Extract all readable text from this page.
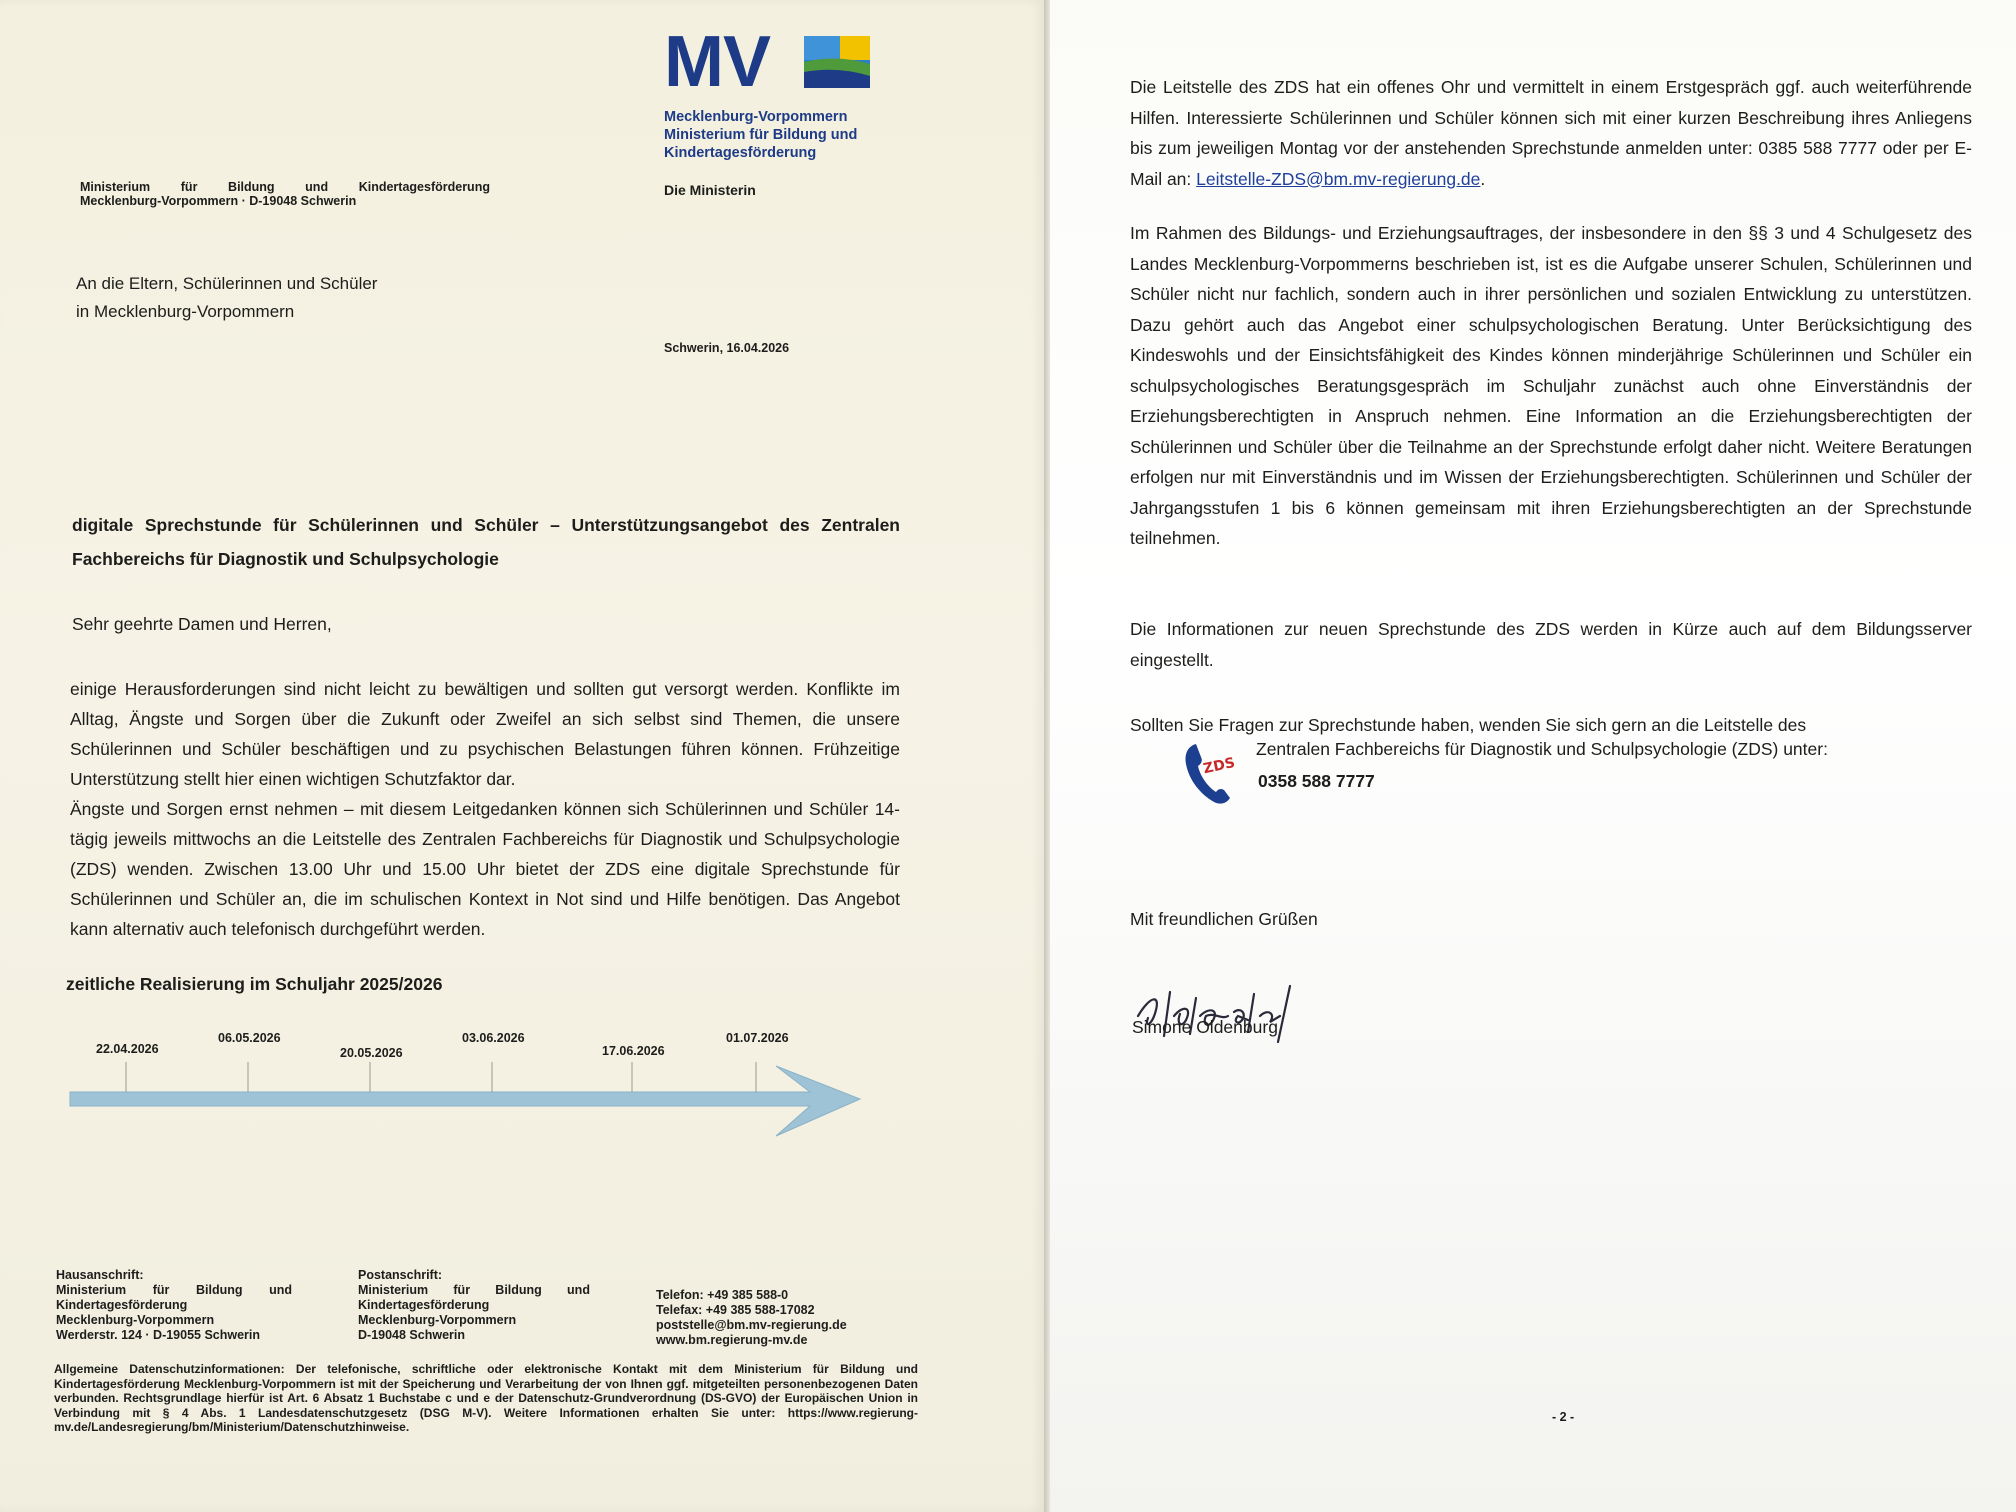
MV
Mecklenburg-Vorpommern
Ministerium für Bildung und
Kindertagesförderung
Ministerium für Bildung und Kindertagesförderung
Mecklenburg-Vorpommern · D-19048 Schwerin
Die Ministerin
An die Eltern, Schülerinnen und Schüler
in Mecklenburg-Vorpommern
Schwerin, 16.04.2026
digitale Sprechstunde für Schülerinnen und Schüler – Unterstützungsangebot des Zentralen Fachbereichs für Diagnostik und Schulpsychologie
Sehr geehrte Damen und Herren,

einige Herausforderungen sind nicht leicht zu bewältigen und sollten gut versorgt werden. Konflikte im Alltag, Ängste und Sorgen über die Zukunft oder Zweifel an sich selbst sind Themen, die unsere Schülerinnen und Schüler beschäftigen und zu psychischen Belastungen führen können. Frühzeitige Unterstützung stellt hier einen wichtigen Schutzfaktor dar.

Ängste und Sorgen ernst nehmen – mit diesem Leitgedanken können sich Schülerinnen und Schüler 14-tägig jeweils mittwochs an die Leitstelle des Zentralen Fachbereichs für Diagnostik und Schulpsychologie (ZDS) wenden. Zwischen 13.00 Uhr und 15.00 Uhr bietet der ZDS eine digitale Sprechstunde für Schülerinnen und Schüler an, die im schulischen Kontext in Not sind und Hilfe benötigen. Das Angebot kann alternativ auch telefonisch durchgeführt werden.

zeitliche Realisierung im Schuljahr 2025/2026
22.04.2026
06.05.2026
20.05.2026
03.06.2026
17.06.2026
01.07.2026
Hausanschrift:
Ministerium für Bildung und
Kindertagesförderung
Mecklenburg-Vorpommern
Werderstr. 124 · D-19055 Schwerin
Postanschrift:
Ministerium für Bildung und
Kindertagesförderung
Mecklenburg-Vorpommern
D-19048 Schwerin
Telefon: +49 385 588-0
Telefax: +49 385 588-17082
poststelle@bm.mv-regierung.de
www.bm.regierung-mv.de
Allgemeine Datenschutzinformationen: Der telefonische, schriftliche oder elektronische Kontakt mit dem Ministerium für Bildung und Kindertagesförderung Mecklenburg-Vorpommern ist mit der Speicherung und Verarbeitung der von Ihnen ggf. mitgeteilten personenbezogenen Daten verbunden. Rechtsgrundlage hierfür ist Art. 6 Absatz 1 Buchstabe c und e der Datenschutz-Grundverordnung (DS-GVO) der Europäischen Union in Verbindung mit § 4 Abs. 1 Landesdatenschutzgesetz (DSG M-V). Weitere Informationen erhalten Sie unter: https://www.regierung-mv.de/Landesregierung/bm/Ministerium/Datenschutzhinweise.
Die Leitstelle des ZDS hat ein offenes Ohr und vermittelt in einem Erstgespräch ggf. auch weiterführende Hilfen. Interessierte Schülerinnen und Schüler können sich mit einer kurzen Beschreibung ihres Anliegens bis zum jeweiligen Montag vor der anstehenden Sprechstunde anmelden unter: 0385 588 7777 oder per E-Mail an: Leitstelle-ZDS@bm.mv-regierung.de.
Im Rahmen des Bildungs- und Erziehungsauftrages, der insbesondere in den §§ 3 und 4 Schulgesetz des Landes Mecklenburg-Vorpommerns beschrieben ist, ist es die Aufgabe unserer Schulen, Schülerinnen und Schüler nicht nur fachlich, sondern auch in ihrer persönlichen und sozialen Entwicklung zu unterstützen. Dazu gehört auch das Angebot einer schulpsychologischen Beratung. Unter Berücksichtigung des Kindeswohls und der Einsichtsfähigkeit des Kindes können minderjährige Schülerinnen und Schüler ein schulpsychologisches Beratungsgespräch im Schuljahr zunächst auch ohne Einverständnis der Erziehungsberechtigten in Anspruch nehmen. Eine Information an die Erziehungsberechtigten der Schülerinnen und Schüler über die Teilnahme an der Sprechstunde erfolgt daher nicht. Weitere Beratungen erfolgen nur mit Einverständnis und im Wissen der Erziehungsberechtigten. Schülerinnen und Schüler der Jahrgangsstufen 1 bis 6 können gemeinsam mit ihren Erziehungsberechtigten an der Sprechstunde teilnehmen.
Die Informationen zur neuen Sprechstunde des ZDS werden in Kürze auch auf dem Bildungsserver eingestellt.
Sollten Sie Fragen zur Sprechstunde haben, wenden Sie sich gern an die Leitstelle des
ZDS
Zentralen Fachbereichs für Diagnostik und Schulpsychologie (ZDS) unter:
0358 588 7777
Mit freundlichen Grüßen
Simone Oldenburg
- 2 -
